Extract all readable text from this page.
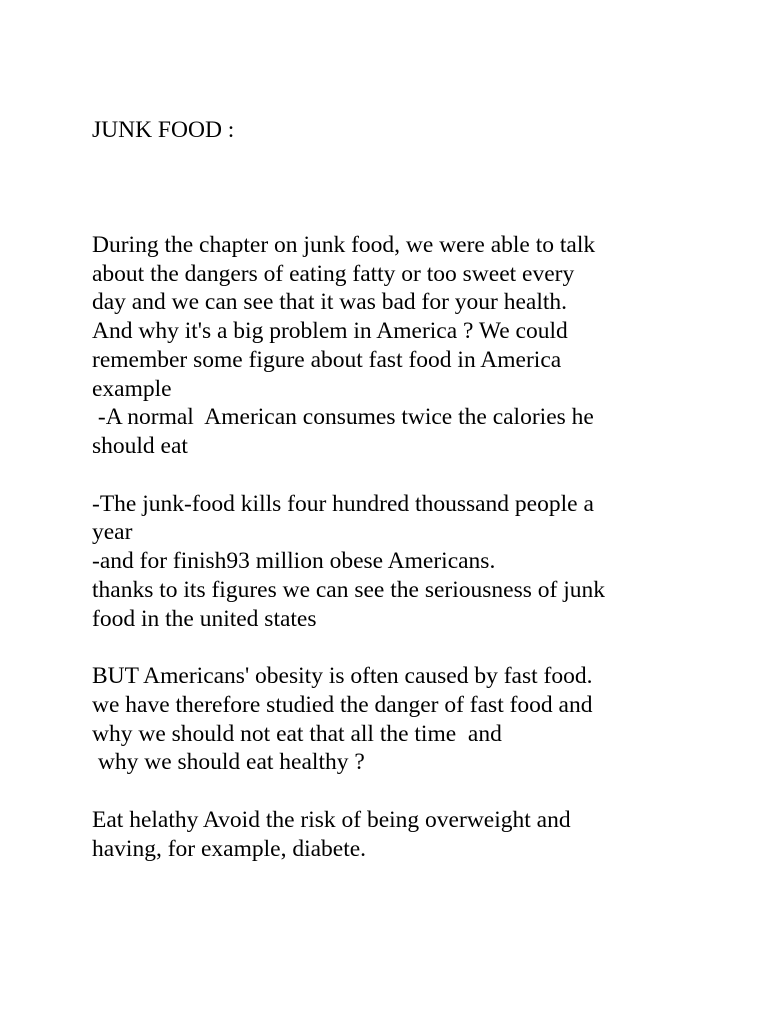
JUNK FOOD :
During the chapter on junk food, we were able to talk
about the dangers of eating fatty or too sweet every
day and we can see that it was bad for your health.
And why it's a big problem in America ? We could
remember some figure about fast food in America
example
-A normal  American consumes twice the calories he
should eat
-The junk-food kills four hundred thoussand people a
year
-and for finish93 million obese Americans.
thanks to its figures we can see the seriousness of junk
food in the united states
BUT Americans' obesity is often caused by fast food.
we have therefore studied the danger of fast food and
why we should not eat that all the time  and
why we should eat healthy ?
Eat helathy Avoid the risk of being overweight and
having, for example, diabete.
